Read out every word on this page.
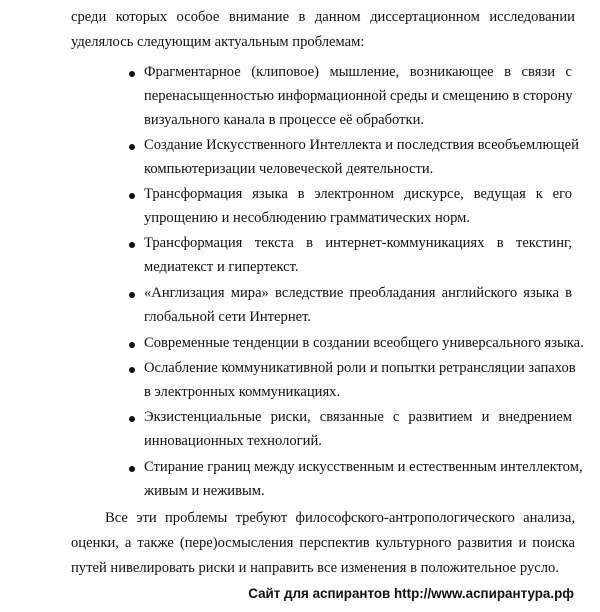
среди которых особое внимание в данном диссертационном исследовании
уделялось следующим актуальным проблемам:
Фрагментарное (клиповое) мышление, возникающее в связи с
перенасыщенностью информационной среды и смещению в сторону
визуального канала в процессе её обработки.
Создание Искусственного Интеллекта и последствия всеобъемлющей
компьютеризации человеческой деятельности.
Трансформация языка в электронном дискурсе, ведущая к его
упрощению и несоблюдению грамматических норм.
Трансформация текста в интернет-коммуникациях в текстинг,
медиатекст и гипертекст.
«Англизация мира» вследствие преобладания английского языка в
глобальной сети Интернет.
Современные тенденции в создании всеобщего универсального языка.
Ослабление коммуникативной роли и попытки ретрансляции запахов
в электронных коммуникациях.
Экзистенциальные риски, связанные с развитием и внедрением
инновационных технологий.
Стирание границ между искусственным и естественным интеллектом,
живым и неживым.
Все эти проблемы требуют философского-антропологического анализа,
оценки, а также (пере)осмысления перспектив культурного развития и поиска
путей нивелировать риски и направить все изменения в положительное русло.
Сайт для аспирантов http://www.аспирантура.рф
